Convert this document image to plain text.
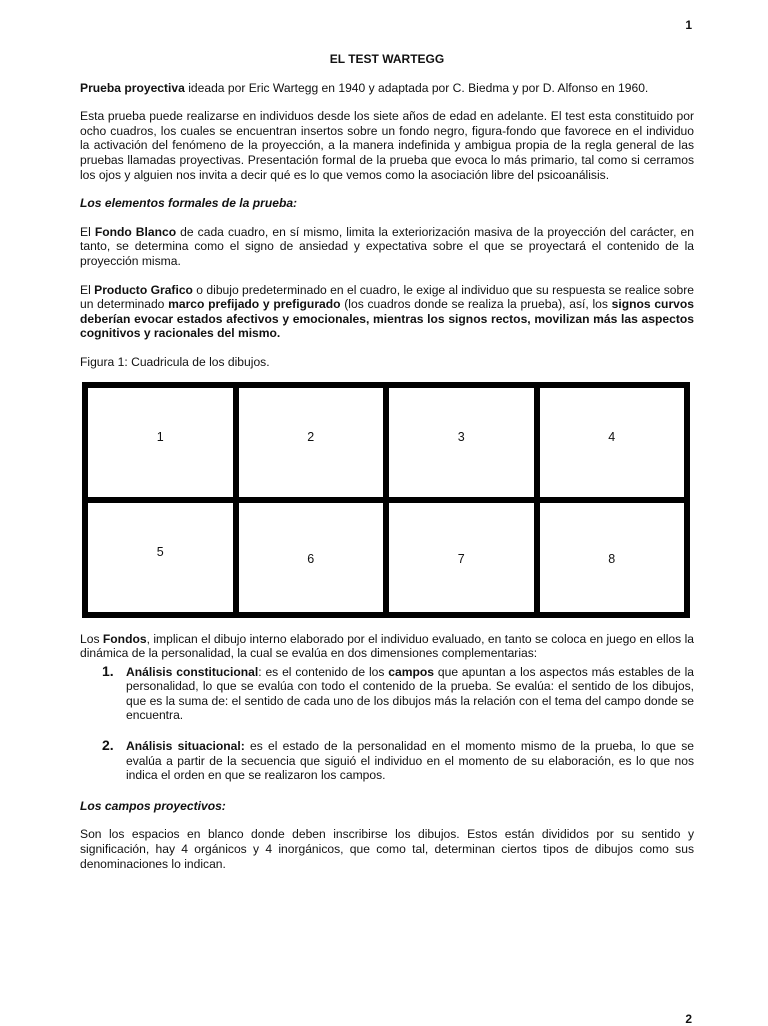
1
EL TEST WARTEGG

Prueba proyectiva ideada por Eric Wartegg en 1940 y adaptada por C. Biedma y por D. Alfonso en 1960.

Esta prueba puede realizarse en individuos desde los siete años de edad en adelante. El test esta constituido por ocho cuadros, los cuales se encuentran insertos sobre un fondo negro, figura-fondo que favorece en el individuo la activación del fenómeno de la proyección, a la manera indefinida y ambigua propia de la regla general de las pruebas llamadas proyectivas. Presentación formal de la prueba que evoca lo más primario, tal como si cerramos los ojos y alguien nos invita a decir qué es lo que vemos como la asociación libre del psicoanálisis.

Los elementos formales de la prueba:

El Fondo Blanco de cada cuadro, en sí mismo, limita la exteriorización masiva de la proyección del carácter, en tanto, se determina como el signo de ansiedad y expectativa sobre el que se proyectará el contenido de la proyección misma.

El Producto Grafico o dibujo predeterminado en el cuadro, le exige al individuo que su respuesta se realice sobre un determinado marco prefijado y prefigurado (los cuadros donde se realiza la prueba), así, los signos curvos deberían evocar estados afectivos y emocionales, mientras los signos rectos, movilizan más las aspectos cognitivos y racionales del mismo.

Figura 1: Cuadricula de los dibujos.
1	2	3	4
5	6	7	8

Los Fondos, implican el dibujo interno elaborado por el individuo evaluado, en tanto se coloca en juego en ellos la dinámica de la personalidad, la cual se evalúa en dos dimensiones complementarias:

1. Análisis constitucional: es el contenido de los campos que apuntan a los aspectos más estables de la personalidad, lo que se evalúa con todo el contenido de la prueba. Se evalúa: el sentido de los dibujos, que es la suma de: el sentido de cada uno de los dibujos más la relación con el tema del campo donde se encuentra.
2. Análisis situacional: es el estado de la personalidad en el momento mismo de la prueba, lo que se evalúa a partir de la secuencia que siguió el individuo en el momento de su elaboración, es lo que nos indica el orden en que se realizaron los campos.
Los campos proyectivos:

Son los espacios en blanco donde deben inscribirse los dibujos. Estos están divididos por su sentido y significación, hay 4 orgánicos y 4 inorgánicos, que como tal, determinan ciertos tipos de dibujos como sus denominaciones lo indican.

2
